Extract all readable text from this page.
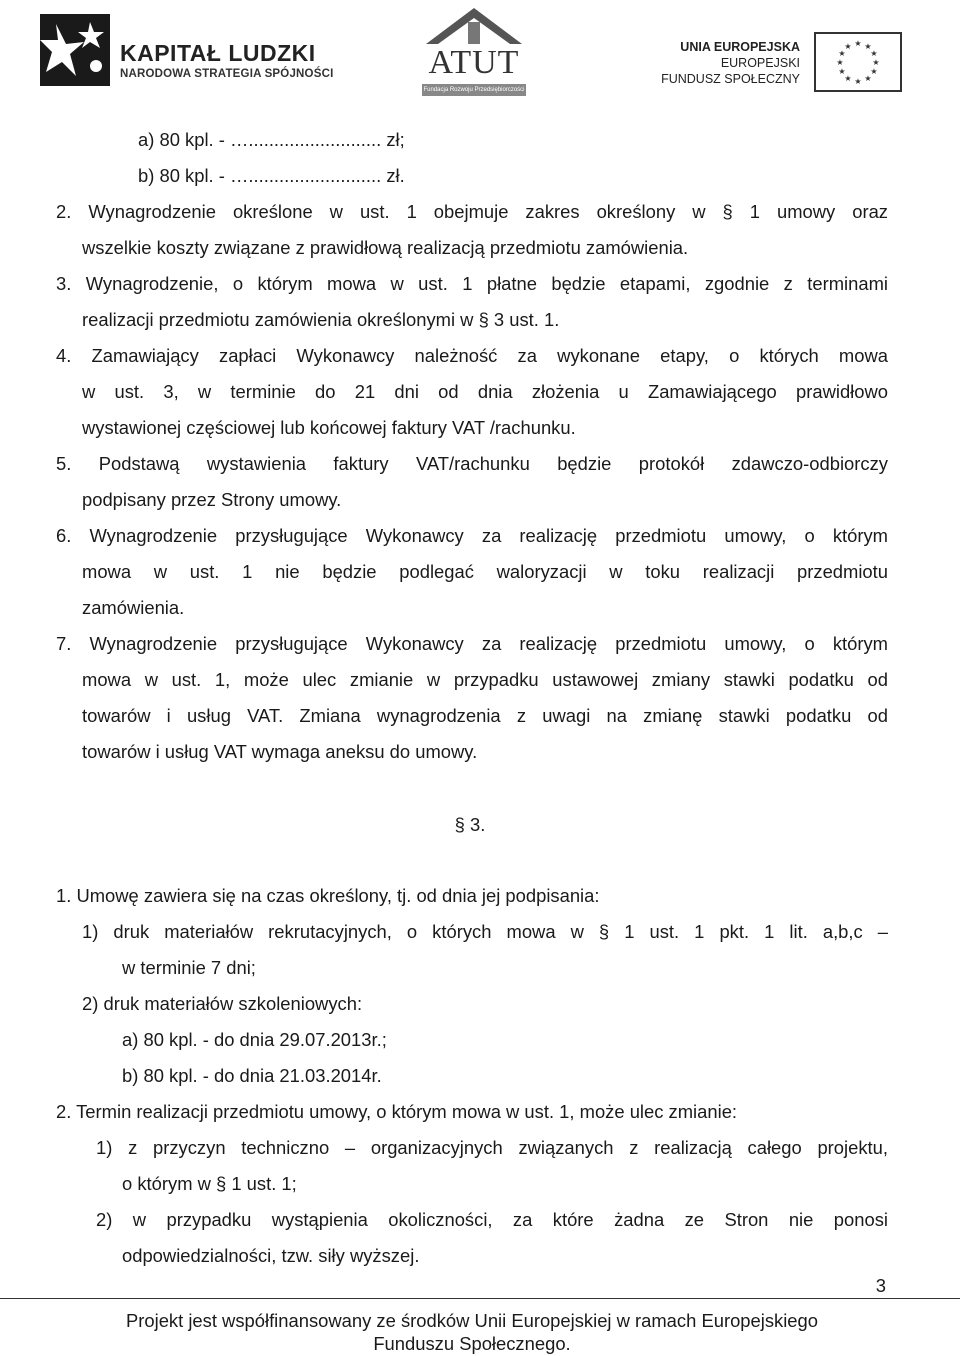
KAPITAŁ LUDZKI
NARODOWA STRATEGIA SPÓJNOŚCI	ATUT
Fundacja Rozwoju Przedsiębiorczości
UNIA EUROPEJSKA
EUROPEJSKI
FUNDUSZ SPOŁECZNY
★ ★
★
★
★
★
★
★
★
★
★
★
a) 80 kpl. - ….......................... zł;
b) 80 kpl. - ….......................... zł.
2. Wynagrodzenie określone w ust. 1 obejmuje zakres określony w § 1 umowy oraz
wszelkie koszty związane z prawidłową realizacją przedmiotu zamówienia.
3. Wynagrodzenie, o którym mowa w ust. 1 płatne będzie etapami, zgodnie z terminami
realizacji przedmiotu zamówienia określonymi w § 3 ust. 1.
4. Zamawiający zapłaci Wykonawcy należność za wykonane etapy, o których mowa
w ust. 3, w terminie do 21 dni od dnia złożenia u Zamawiającego prawidłowo
wystawionej częściowej lub końcowej faktury VAT /rachunku.
5. Podstawą wystawienia faktury VAT/rachunku będzie protokół zdawczo-odbiorczy
podpisany przez Strony umowy.
6. Wynagrodzenie przysługujące Wykonawcy za realizację przedmiotu umowy, o którym
mowa w ust. 1 nie będzie podlegać waloryzacji w toku realizacji przedmiotu
zamówienia.
7. Wynagrodzenie przysługujące Wykonawcy za realizację przedmiotu umowy, o którym
mowa w ust. 1, może ulec zmianie w przypadku ustawowej zmiany stawki podatku od
towarów i usług VAT. Zmiana wynagrodzenia z uwagi na zmianę stawki podatku od
towarów i usług VAT wymaga aneksu do umowy.
§ 3.
1. Umowę zawiera się na czas określony, tj. od dnia jej podpisania:
1) druk materiałów rekrutacyjnych, o których mowa w § 1 ust. 1 pkt. 1 lit. a,b,c –
w terminie 7 dni;
2) druk materiałów szkoleniowych:
a) 80 kpl. - do dnia 29.07.2013r.;
b) 80 kpl. - do dnia 21.03.2014r.
2. Termin realizacji przedmiotu umowy, o którym mowa w ust. 1, może ulec zmianie:
1) z przyczyn techniczno – organizacyjnych związanych z realizacją całego projektu,
o którym w § 1 ust. 1;
2) w przypadku wystąpienia okoliczności, za które żadna ze Stron nie ponosi
odpowiedzialności, tzw. siły wyższej.
3
Projekt jest współfinansowany ze środków Unii Europejskiej w ramach Europejskiego
Funduszu Społecznego.
